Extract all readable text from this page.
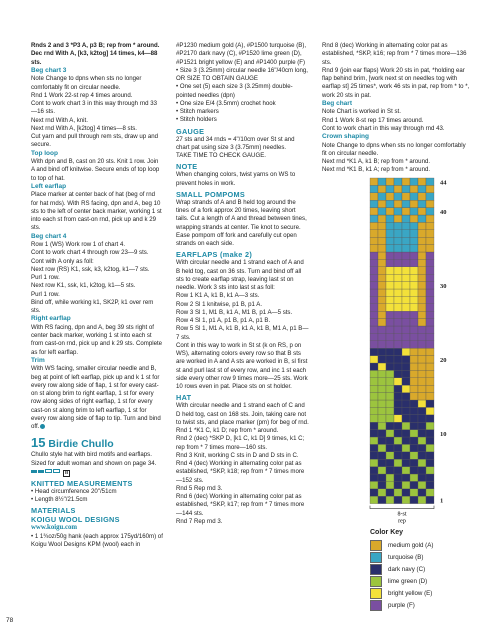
Rnds 2 and 3 *P3 A, p3 B; rep from * around.

Dec rnd With A, [k3, k2tog] 14 times, k4—88 sts.

Beg chart 3

Note Change to dpns when sts no longer comfortably fit on circular needle.

Rnd 1 Work 22-st rep 4 times around.

Cont to work chart 3 in this way through rnd 33—16 sts.

Next rnd With A, knit.

Next rnd With A, [k2tog] 4 times—8 sts.

Cut yarn and pull through rem sts, draw up and secure.

Top loop

With dpn and B, cast on 20 sts. Knit 1 row. Join A and bind off knitwise. Secure ends of top loop to top of hat.

Left earflap

Place marker at center back of hat (beg of rnd for hat rnds). With RS facing, dpn and A, beg 10 sts to the left of center back marker, working 1 st into each st from cast-on rnd, pick up and k 29 sts.

Beg chart 4

Row 1 (WS) Work row 1 of chart 4.

Cont to work chart 4 through row 23—9 sts. Cont with A only as foll:

Next row (RS) K1, ssk, k3, k2tog, k1—7 sts.

Purl 1 row.

Next row K1, ssk, k1, k2tog, k1—5 sts.

Purl 1 row.

Bind off, while working k1, SK2P, k1 over rem sts.

Right earflap

With RS facing, dpn and A, beg 39 sts right of center back marker, working 1 st into each st from cast-on rnd, pick up and k 29 sts. Complete as for left earflap.

Trim

With WS facing, smaller circular needle and B, beg at point of left earflap, pick up and k 1 st for every row along side of flap, 1 st for every cast-on st along brim to right earflap, 1 st for every row along sides of right earflap, 1 st for every cast-on st along brim to left earflap, 1 st for every row along side of flap to tip. Turn and bind off.

15 Birdie Chullo

Chullo style hat with bird motifs and earflaps. Sized for adult woman and shown on page 34.

II

KNITTED MEASUREMENTS

• Head circumference 20"/51cm

• Length 8½"/21.5cm

MATERIALS

KOIGU WOOL DESIGNS

www.koigu.com

• 1 1¾oz/50g hank (each approx 175yd/160m) of Koigu Wool Designs KPM (wool) each in

#P1230 medium gold (A), #P1500 turquoise (B), #P2170 dark navy (C), #P1520 lime green (D), #P1521 bright yellow (E) and #P1400 purple (F)

• Size 3 (3.25mm) circular needle 16"/40cm long, OR SIZE TO OBTAIN GAUGE

• One set (5) each size 3 (3.25mm) double-pointed needles (dpn)

• One size E/4 (3.5mm) crochet hook

• Stitch markers

• Stitch holders

GAUGE

27 sts and 34 rnds = 4"/10cm over St st and chart pat using size 3 (3.75mm) needles.

TAKE TIME TO CHECK GAUGE.

NOTE

When changing colors, twist yarns on WS to prevent holes in work.

SMALL POMPOMS

Wrap strands of A and B held tog around the tines of a fork approx 20 times, leaving short tails. Cut a length of A and thread between tines, wrapping strands at center. Tie knot to secure. Ease pompom off fork and carefully cut open strands on each side.

EARFLAPS (make 2)

With circular needle and 1 strand each of A and B held tog, cast on 36 sts. Turn and bind off all sts to create earflap strap, leaving last st on needle. Work 3 sts into last st as foll:

Row 1 K1 A, k1 B, k1 A—3 sts.

Row 2 Sl 1 knitwise, p1 B, p1 A.

Row 3 Sl 1, M1 B, k1 A, M1 B, p1 A—5 sts.

Row 4 Sl 1, p1 A, p1 B, p1 A, p1 B.

Row 5 Sl 1, M1 A, k1 B, k1 A, k1 B, M1 A, p1 B—7 sts.

Cont in this way to work in St st (k on RS, p on WS), alternating colors every row so that B sts are worked in A and A sts are worked in B, sl first st and purl last st of every row, and inc 1 st each side every other row 9 times more—25 sts. Work 10 rows even in pat. Place sts on st holder.

HAT

With circular needle and 1 strand each of C and D held tog, cast on 168 sts. Join, taking care not to twist sts, and place marker (pm) for beg of rnd.

Rnd 1 *K1 C, k1 D; rep from * around.

Rnd 2 (dec) *SKP D, [k1 C, k1 D] 9 times, k1 C; rep from * 7 times more—160 sts.

Rnd 3 Knit, working C sts in D and D sts in C.

Rnd 4 (dec) Working in alternating color pat as established, *SKP, k18; rep from * 7 times more—152 sts.

Rnd 5 Rep rnd 3.

Rnd 6 (dec) Working in alternating color pat as established, *SKP, k17; rep from * 7 times more—144 sts.

Rnd 7 Rep rnd 3.

Rnd 8 (dec) Working in alternating color pat as established, *SKP, k16; rep from * 7 times more—136 sts.

Rnd 9 (join ear flaps) Work 20 sts in pat, *holding ear flap behind brim, [work next st on needles tog with earflap st] 25 times*, work 46 sts in pat, rep from * to *, work 20 sts in pat.

Beg chart

Note Chart is worked in St st.

Rnd 1 Work 8-st rep 17 times around.

Cont to work chart in this way through rnd 43.

Crown shaping

Note Change to dpns when sts no longer comfortably fit on circular needle.

Next rnd *K1 A, k1 B; rep from * around.

Next rnd *K1 B, k1 A; rep from * around.

44
40
30
20
10
1
8-st
rep
Color Key
medium gold (A)
turquoise (B)
dark navy (C)
lime green (D)
bright yellow (E)
purple (F)
78
